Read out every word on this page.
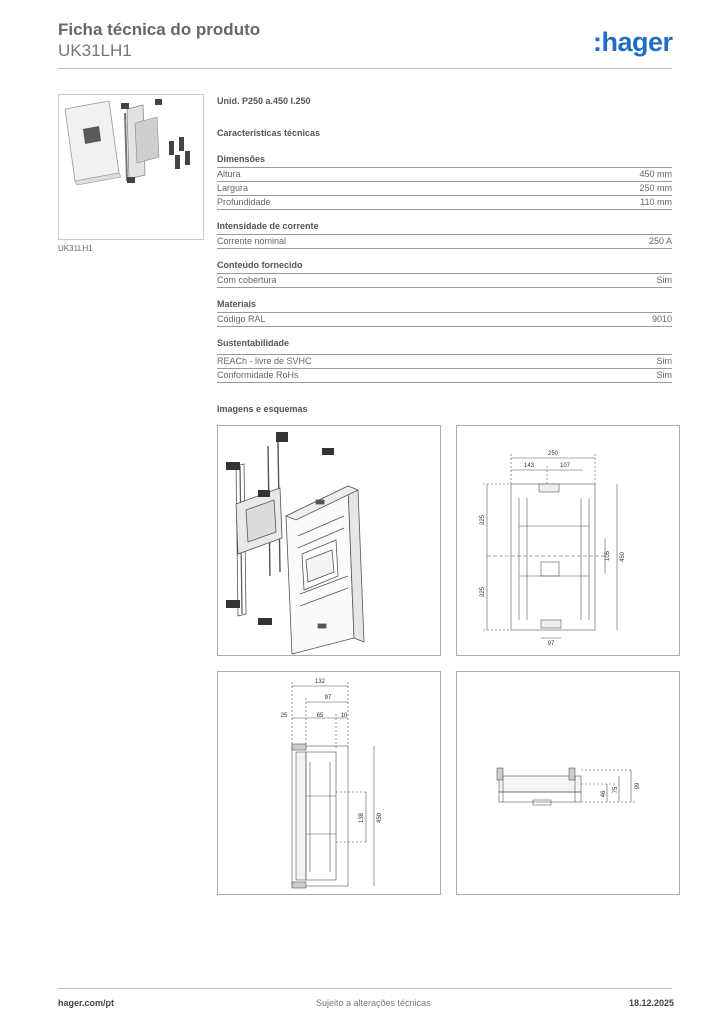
Ficha técnica do produto
UK31LH1	:hager
UK31LH1
Unid. P250 a.450 l.250
Características técnicas
Dimensões
Altura	450 mm
Largura	250 mm
Profundidade	110 mm
Intensidade de corrente
Corrente nominal	250 A
Conteúdo fornecido
Com cobertura	Sim
Materiais
Código RAL	9010
Sustentabilidade
REACh - livre de SVHC	Sim
Conformidade RoHs	Sim
Imagens e esquemas
250
143	107
97
225
225
105 450
132
97
25	65	10
138 450
46
75
99
hager.com/pt	Sujeito a alterações técnicas	18.12.2025
